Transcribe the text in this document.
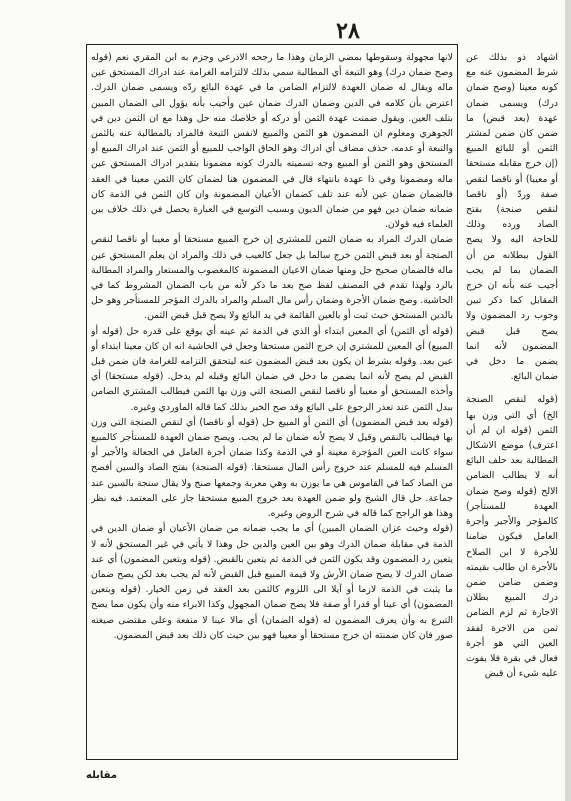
٢٨

لانها مجهولة وسقوطها بمضي الزمان وهذا ما رجحه الاذرعي وجزم به ابن المقري نعم (قوله وصح ضمان درك) وهو التبعة أي المطالبة سمي بذلك لالتزامه الغرامة عند ادراك المستحق عين ماله ويقال له ضمان العهدة لالتزام الضامن ما في عهدة البائع ردّه ويسمى ضمان الدرك. اعترض بأن كلامه في الدين وضمان الدرك ضمان عين وأجيب بأنه يؤول الى الضمان المبين بتلف العين. ويقول ضمنت عهدة الثمن أو دركه أو خلاصك منه حل وهذا مع ان الثمن دين في الجوهري ومعلوم ان المضمون هو الثمن والمبيع لانفس التبعة فالمراد بالمطالبة عنه بالثمن والتبعة أو عدمه. حذف مضاف أي ادراك وهو الحاق الواجب للمبيع أو الثمن عند ادراك المبيع أو المستحق وهو الثمن أو المبيع وجه تسميته بالدرك كونه مضمونا بتقدير ادراك المستحق عين ماله ومضمونا وفي ذا عهدة بانتهاء قال في المضمون هنا لضمان كان الثمن معينا في العقد فالضمان ضمان عين لأنه عند تلف كضمان الأعيان المضمونة وان كان الثمن في الذمة كان ضمانه ضمان دين فهو من ضمان الديون وبسبب التوسع في العبارة يحصل في ذلك خلاف بين العلماء فيه قولان.

ضمان الدرك المراد به ضمان الثمن للمشتري إن خرج المبيع مستحقا أو معيبا أو ناقصا لنقص الصنجة أو بعد قبض الثمن خرج سالما بل جعل كالعيب في ذلك والمراد ان يعلم المستحق عين ماله فالضمان صحيح حل ومنها ضمان الاعيان المضمونة كالمغصوب والمستعار والمراد المطالبة بالرد ولهذا تقدم في المصنف لفظ صح بعد ما ذكر لأنه من باب الضمان المشروط كما في الحاشية. وصح ضمان الأجرة وضمان رأس مال السلم والمراد بالدرك المؤجر للمستأجر وهو حل بالدين المستحق حيث ثبت أو بالعين القائمة في يد البائع ولا يصح قبل قبض الثمن.

(قوله أي الثمن) أي المعين ابتداء أو الذي في الذمة ثم عينه أي يوقع على قدره حل (قوله أو المبيع) أي المعين للمشتري إن خرج الثمن مستحقا وجعل في الحاشية انه ان كان معينا ابتداء أو عين بعد. وقوله بشرط ان يكون بعد قبض المضمون عنه ليتحقق التزامه للغرامة فان ضمن قبل القبض لم يصح لأنه انما يضمن ما دخل في ضمان البائع وقبله لم يدخل. (قوله مستحقا) أي وأخذه المستحق أو معيبا أو ناقصا لنقص الصنجة التي وزن بها الثمن فيطالب المشتري الضامن ببدل الثمن عند تعذر الرجوع على البائع وقد صح الخبر بذلك كما قاله الماوردي وغيره.

(قوله بعد قبض المضمون) أي الثمن أو المبيع حل (قوله أو ناقصا) أي لنقص الصنجة التي وزن بها فيطالب بالنقص وقيل لا يصح لأنه ضمان ما لم يجب. ويصح ضمان العهدة للمستأجر كالمبيع سواء كانت العين المؤجرة معينة أو في الذمة وكذا ضمان أجرة العامل في الجعالة والأجير أو المسلم فيه للمسلم عند خروج رأس المال مستحقا. (قوله الصنجة) بفتح الصاد والسين أفصح من الصاد كما في القاموس هي ما يوزن به وهي معربة وجمعها صنج ولا يقال سنجة بالسين عند جماعة. حل قال الشيخ ولو ضمن العهدة بعد خروج المبيع مستحقا جاز على المعتمد. فيه نظر وهذا هو الراجح كما قاله في شرح الروض وغيره.

(قوله وحيث عزان الضمان المبين) أي ما يجب ضمانه من ضمان الأعيان أو ضمان الدين في الذمة في مقابلة ضمان الدرك وهو بين العين والدين حل وهذا لا يأتي في غير المستحق لأنه لا يتعين رد المضمون وقد يكون الثمن في الذمة ثم يتعين بالقبض. (قوله وبتعين المضمون) أي عند ضمان الدرك لا يصح ضمان الأرش ولا قيمة المبيع قبل القبض لأنه لم يجب بعد لكن يصح ضمان ما يثبت في الذمة لازما أو آيلا الى اللزوم كالثمن بعد العقد في زمن الخيار. (قوله وبتعين المضمون) أي عينا أو قدرا أو صفة فلا يصح ضمان المجهول وكذا الابراء منه وأن يكون مما يصح التبرع به وأن يعرف المضمون له (قوله الضمان) أي مالا عينا لا منفعة وعلى مقتضى صيغته صور فان كان ضمنته ان خرج مستحقا أو معيبا فهو بين حيث كان ذلك بعد قبض المضمون.

اشهاد ذو بذلك عن شرط المضمون عنه مع كونه معينا (وصح ضمان درك) ويسمى ضمان عهدة (بعد قبض) ما ضمن كان ضمن لمشتر الثمن أو للبائع المبيع (إن خرج مقابله مستحقا أو معيبا) أو ناقصا لنقص صفة وردّ (أو ناقصا لنقص صنجة) بفتح الصاد ورده وذلك للحاجة اليه ولا يصح القول ببطلانه من أن الضمان بما لم يجب أجيب عنه بأنه ان خرج المقابل كما ذكر تبين وجوب رد المضمون ولا يصح قبل قبض المضمون لأنه انما يضمن ما دخل في ضمان البائع.

(قوله لنقص الصنجة الخ) أي التي وزن بها الثمن (قوله ان لم أن اعترف) موضع الاشكال المطالبة بعد حلف البائع أنه لا يطالب الضامن الالح (قوله وصح ضمان العهدة للمستأجر) كالمؤجر والأجير وأجرة العامل فيكون ضامنا للأجرة لا ابن الصلاح بالأجرة ان طالب بقيمته وضمن ضامن ضمن درك المبيع بطلان الاجارة ثم لزم الضامن ثمن من الاجرة لفقد العين التي هو أجرة فعال في بقرة فلا يفوت عليه شيء أن قبض

مقابله
